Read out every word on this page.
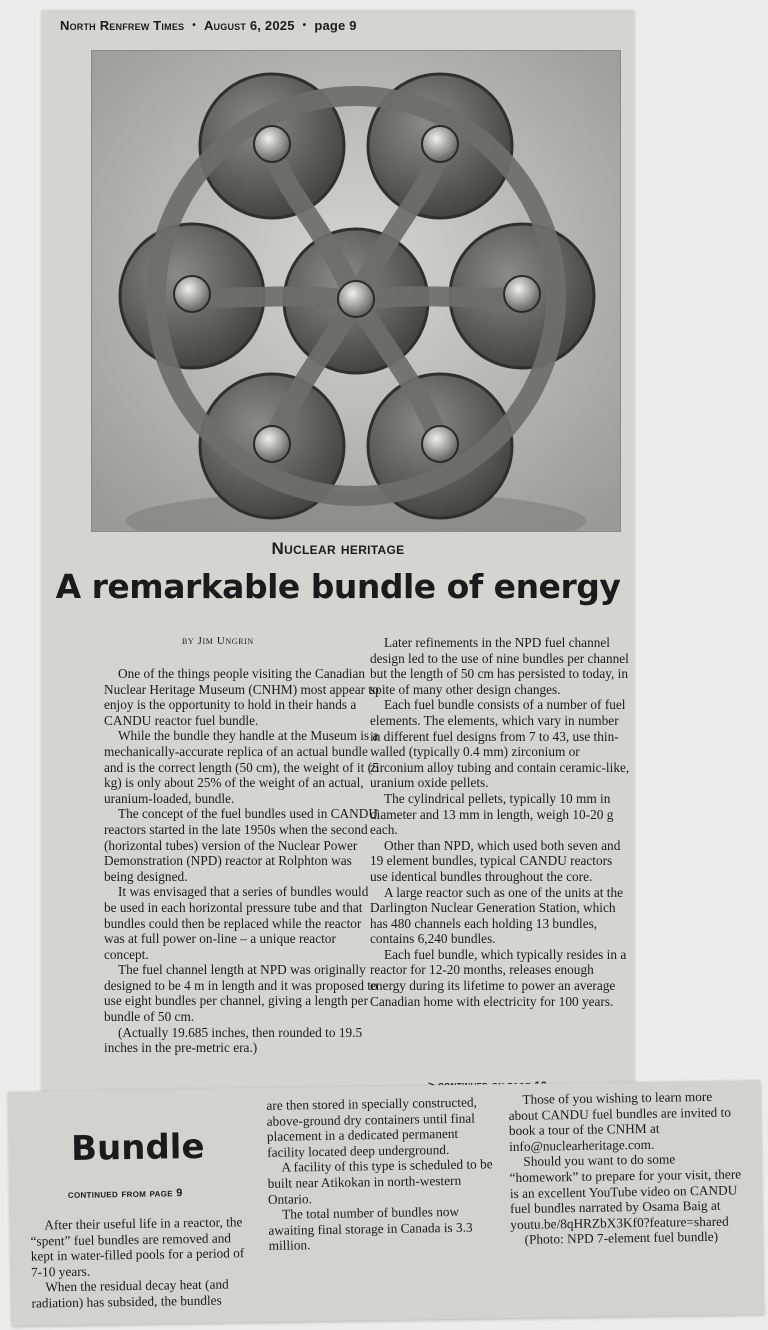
North Renfrew Times • August 6, 2025 • page 9
Nuclear heritage
A remarkable bundle of energy
by Jim Ungrin

One of the things people visiting the Canadian Nuclear Heritage Museum (CNHM) most appear to enjoy is the opportunity to hold in their hands a CANDU reactor fuel bundle.

While the bundle they handle at the Museum is a mechanically-accurate replica of an actual bundle and is the correct length (50 cm), the weight of it (5 kg) is only about 25% of the weight of an actual, uranium-loaded, bundle.

The concept of the fuel bundles used in CANDU reactors started in the late 1950s when the second (horizontal tubes) version of the Nuclear Power Demonstration (NPD) reactor at Rolphton was being designed.

It was envisaged that a series of bundles would be used in each horizontal pressure tube and that bundles could then be replaced while the reactor was at full power on-line – a unique reactor concept.

The fuel channel length at NPD was originally designed to be 4 m in length and it was proposed to use eight bundles per channel, giving a length per bundle of 50 cm.

(Actually 19.685 inches, then rounded to 19.5 inches in the pre-metric era.)

Later refinements in the NPD fuel channel design led to the use of nine bundles per channel but the length of 50 cm has persisted to today, in spite of many other design changes.

Each fuel bundle consists of a number of fuel elements. The elements, which vary in number in different fuel designs from 7 to 43, use thin-walled (typically 0.4 mm) zirconium or zirconium alloy tubing and contain ceramic-like, uranium oxide pellets.

The cylindrical pellets, typically 10 mm in diameter and 13 mm in length, weigh 10-20 g each.

Other than NPD, which used both seven and 19 element bundles, typical CANDU reactors use identical bundles throughout the core.

A large reactor such as one of the units at the Darlington Nuclear Generation Station, which has 480 channels each holding 13 bundles, contains 6,240 bundles.

Each fuel bundle, which typically resides in a reactor for 12-20 months, releases enough energy during its lifetime to power an average Canadian home with electricity for 100 years.

Bundle
continued from page 9

After their useful life in a reactor, the “spent” fuel bundles are removed and kept in water-filled pools for a period of 7-10 years.

When the residual decay heat (and radiation) has subsided, the bundles

are then stored in specially constructed, above-ground dry containers until final placement in a dedicated permanent facility located deep underground.

A facility of this type is scheduled to be built near Atikokan in north-western Ontario.

The total number of bundles now awaiting final storage in Canada is 3.3 million.

Those of you wishing to learn more about CANDU fuel bundles are invited to book a tour of the CNHM at info@nuclearheritage.com.

Should you want to do some “homework” to prepare for your visit, there is an excellent YouTube video on CANDU fuel bundles narrated by Osama Baig at youtu.be/8qHRZbX3Kf0?feature=shared

(Photo: NPD 7-element fuel bundle)
